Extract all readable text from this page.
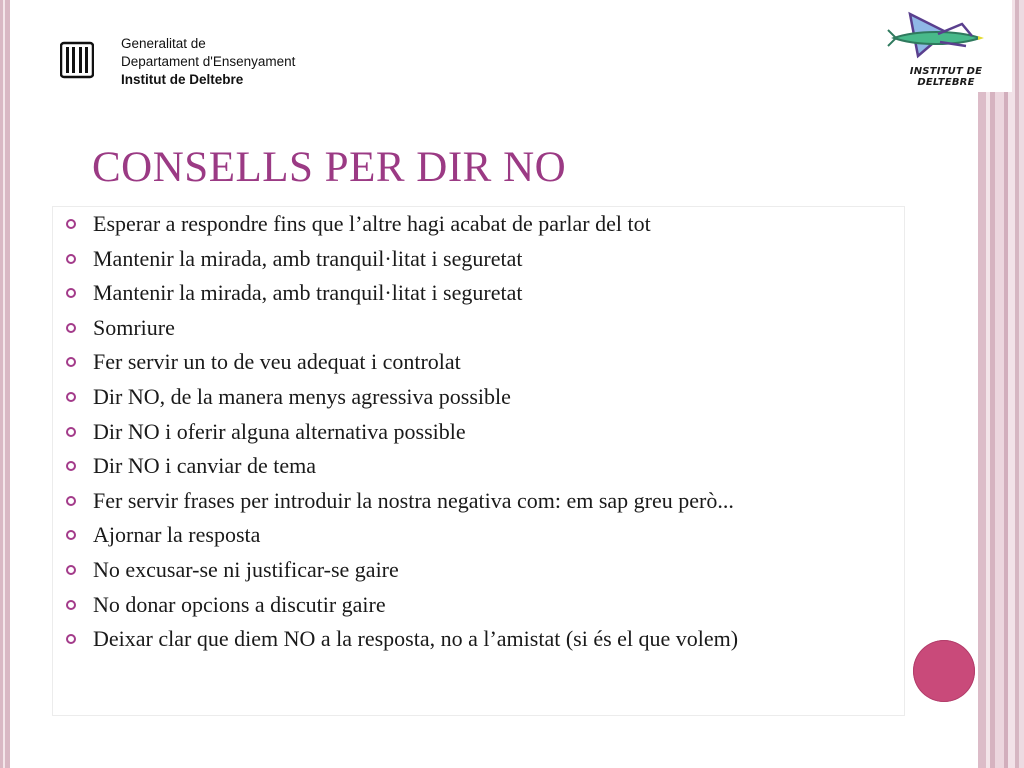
INSTITUT DE DELTEBRE
Generalitat de
Departament d'Ensenyament
Institut de Deltebre
CONSELLS PER DIR NO
Esperar a respondre fins que l’altre hagi acabat de parlar del tot
Mantenir la mirada, amb tranquil·litat i seguretat
Mantenir la mirada, amb tranquil·litat i seguretat
Somriure
Fer servir un to de veu adequat i controlat
Dir NO, de la manera menys agressiva possible
Dir NO i oferir alguna alternativa possible
Dir NO i canviar de tema
Fer servir frases per introduir la nostra negativa com: em sap greu però...
Ajornar la resposta
No excusar-se ni justificar-se gaire
No donar opcions a discutir gaire
Deixar clar que diem NO a la resposta, no a l’amistat (si és el que volem)
